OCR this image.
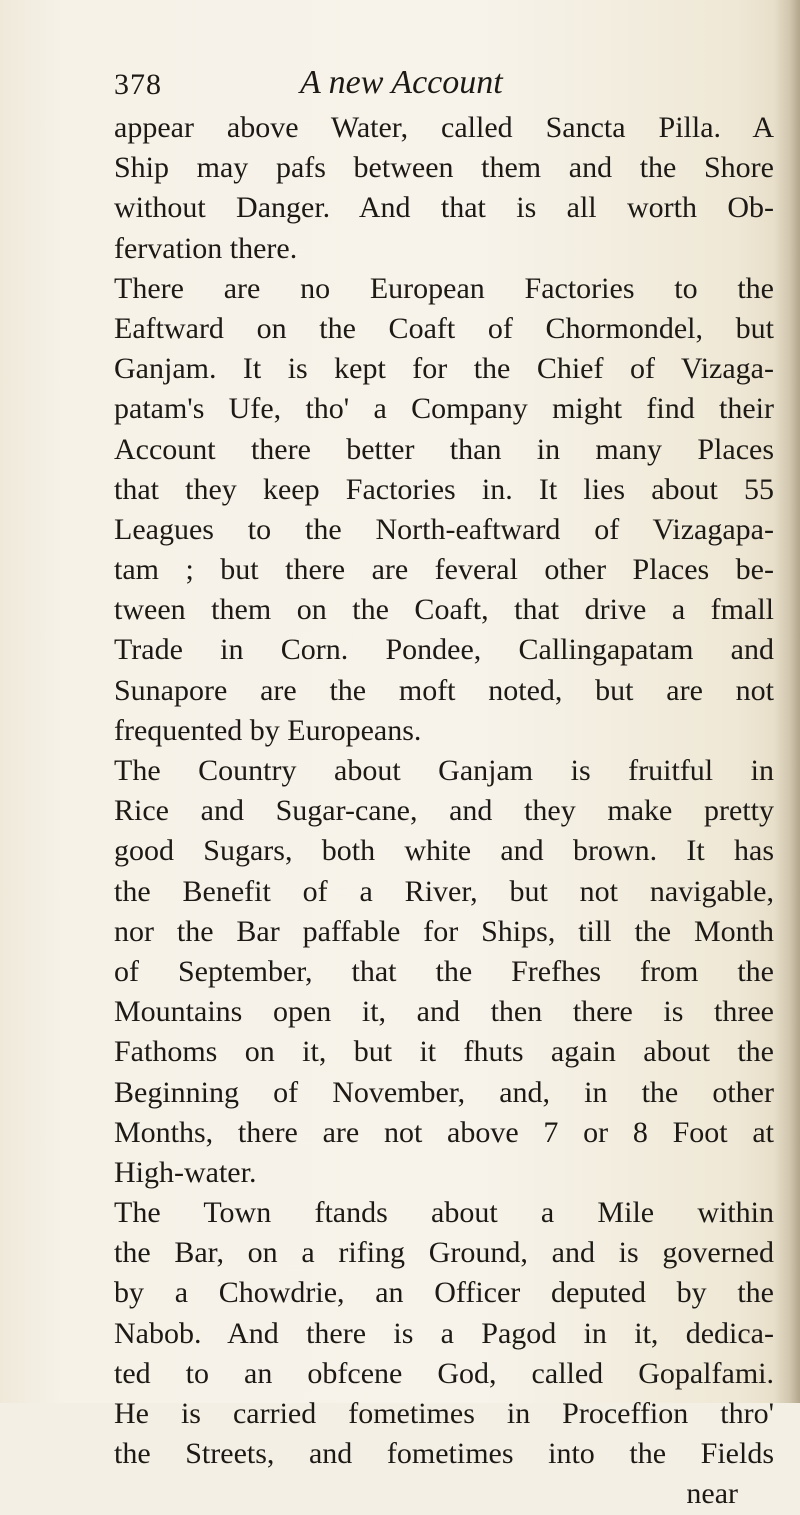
378	A new Account
appear above Water, called Sancta Pilla. A
Ship may pafs between them and the Shore
without Danger. And that is all worth Ob-
fervation there.
There are no European Factories to the
Eaftward on the Coaft of Chormondel, but
Ganjam. It is kept for the Chief of Vizaga-
patam's Ufe, tho' a Company might find their
Account there better than in many Places
that they keep Factories in. It lies about 55
Leagues to the North-eaftward of Vizagapa-
tam ; but there are feveral other Places be-
tween them on the Coaft, that drive a fmall
Trade in Corn. Pondee, Callingapatam and
Sunapore are the moft noted, but are not
frequented by Europeans.
The Country about Ganjam is fruitful in
Rice and Sugar-cane, and they make pretty
good Sugars, both white and brown. It has
the Benefit of a River, but not navigable,
nor the Bar paffable for Ships, till the Month
of September, that the Frefhes from the
Mountains open it, and then there is three
Fathoms on it, but it fhuts again about the
Beginning of November, and, in the other
Months, there are not above 7 or 8 Foot at
High-water.
The Town ftands about a Mile within
the Bar, on a rifing Ground, and is governed
by a Chowdrie, an Officer deputed by the
Nabob. And there is a Pagod in it, dedica-
ted to an obfcene God, called Gopalfami.
He is carried fometimes in Proceffion thro'
the Streets, and fometimes into the Fields
near
